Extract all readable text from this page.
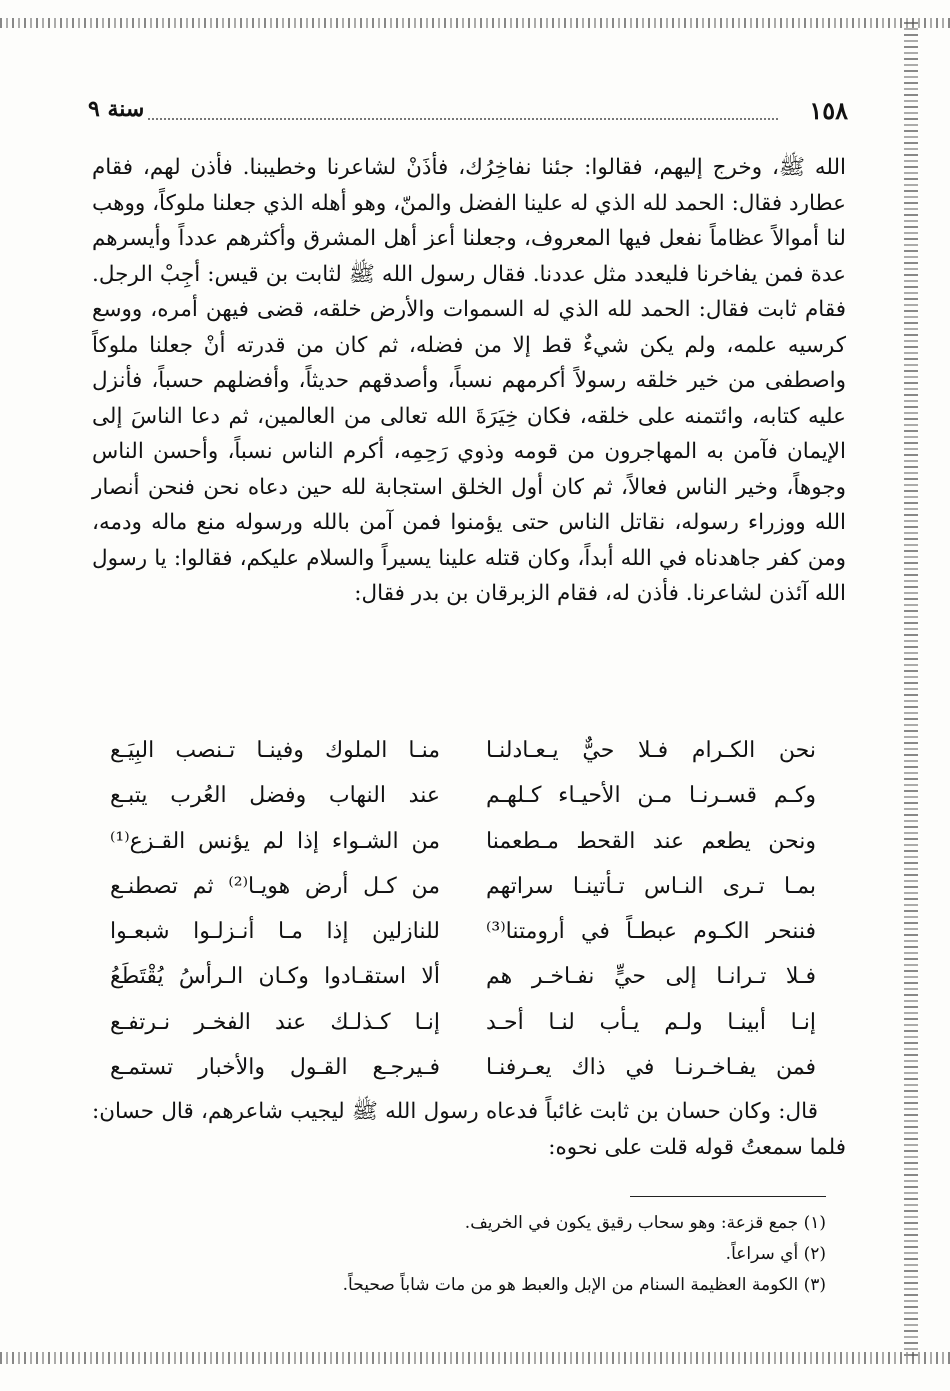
١٥٨
سنة ٩

الله ﷺ، وخرج إليهم، فقالوا: جئنا نفاخِرُك، فأذَنْ لشاعرنا وخطيبنا. فأذن لهم، فقام عطارد فقال: الحمد لله الذي له علينا الفضل والمنّ، وهو أهله الذي جعلنا ملوكاً، ووهب لنا أموالاً عظاماً نفعل فيها المعروف، وجعلنا أعز أهل المشرق وأكثرهم عدداً وأيسرهم عدة فمن يفاخرنا فليعدد مثل عددنا. فقال رسول الله ﷺ لثابت بن قيس: أجِبْ الرجل. فقام ثابت فقال: الحمد لله الذي له السموات والأرض خلقه، قضى فيهن أمره، ووسع كرسيه علمه، ولم يكن شيءٌ قط إلا من فضله، ثم كان من قدرته أنْ جعلنا ملوكاً واصطفى من خير خلقه رسولاً أكرمهم نسباً، وأصدقهم حديثاً، وأفضلهم حسباً، فأنزل عليه كتابه، وائتمنه على خلقه، فكان خِيَرَةَ الله تعالى من العالمين، ثم دعا الناسَ إلى الإيمان فآمن به المهاجرون من قومه وذوي رَحِمِه، أكرم الناس نسباً، وأحسن الناس وجوهاً، وخير الناس فعالاً، ثم كان أول الخلق استجابة لله حين دعاه نحن فنحن أنصار الله ووزراء رسوله، نقاتل الناس حتى يؤمنوا فمن آمن بالله ورسوله منع ماله ودمه، ومن كفر جاهدناه في الله أبداً، وكان قتله علينا يسيراً والسلام عليكم، فقالوا: يا رسول الله آئذن لشاعرنا. فأذن له، فقام الزبرقان بن بدر فقال:

نحن الكـرام فـلا حيٌّ يـعـادلنـا
منـا الملوك وفينـا تـنصب البِيَـع
وكـم قسـرنـا مـن الأحيـاء كـلهـم
عند النهاب وفضل العُرب يتبـع
ونحن يطعم عند القحط مـطعمنا
من الشـواء إذا لم يؤنس القـزع⁽¹⁾
بمـا تـرى النـاس تـأتينـا سراتهم
من كـل أرض هويـا⁽²⁾ ثم تصطنـع
فننحر الكـوم عبطـاً في أرومتنا⁽³⁾
للنازلين إذا مـا أنـزلـوا شبعـوا
فـلا تـرانـا إلى حيٍّ نفـاخـر هم
ألا استقـادوا وكـان الـرأسُ يُقْتَطَعُ
إنـا أبينـا ولـم يـأب لنـا أحـد
إنـا كـذلـك عند الفخـر نـرتفـع
فمن يفـاخـرنـا في ذاك يعـرفنـا
فـيرجـع القـول والأخبار تستمـع
قال: وكان حسان بن ثابت غائباً فدعاه رسول الله ﷺ ليجيب شاعرهم، قال حسان: فلما سمعتُ قوله قلت على نحوه:
(١) جمع قزعة: وهو سحاب رقيق يكون في الخريف.
(٢) أي سراعاً.
(٣) الكومة العظيمة السنام من الإبل والعبط هو من مات شاباً صحيحاً.
